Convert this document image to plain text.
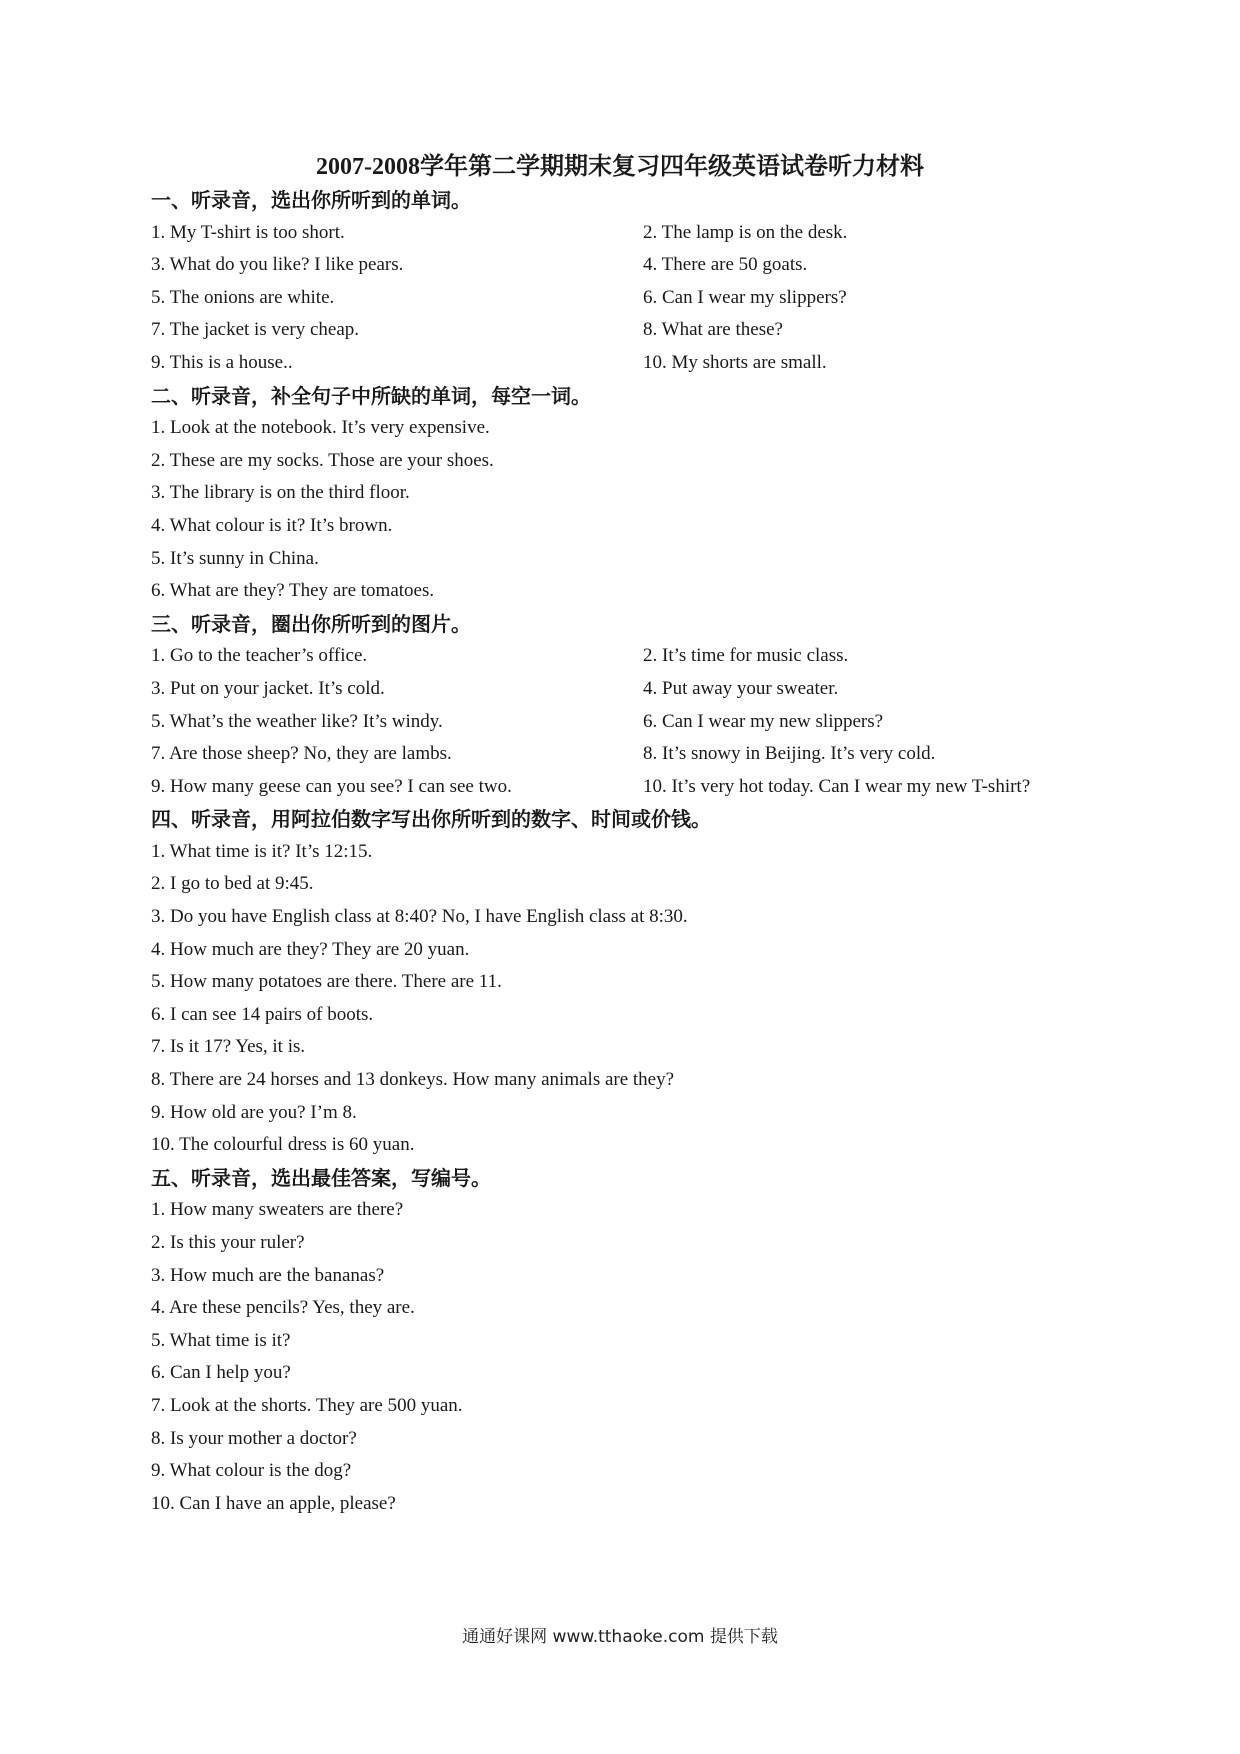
2007-2008学年第二学期期末复习四年级英语试卷听力材料
一、听录音，选出你所听到的单词。
1. My T-shirt is too short.	2. The lamp is on the desk.
3. What do you like? I like pears.	4. There are 50 goats.
5. The onions are white.	6. Can I wear my slippers?
7. The jacket is very cheap.	8. What are these?
9. This is a house..	10. My shorts are small.
二、听录音，补全句子中所缺的单词，每空一词。
1. Look at the notebook. It’s very expensive.
2. These are my socks. Those are your shoes.
3. The library is on the third floor.
4. What colour is it? It’s brown.
5. It’s sunny in China.
6. What are they? They are tomatoes.
三、听录音，圈出你所听到的图片。
1. Go to the teacher’s office.	2. It’s time for music class.
3. Put on your jacket. It’s cold.	4. Put away your sweater.
5. What’s the weather like? It’s windy.	6. Can I wear my new slippers?
7. Are those sheep? No, they are lambs.	8. It’s snowy in Beijing. It’s very cold.
9. How many geese can you see? I can see two.	10. It’s very hot today. Can I wear my new T-shirt?
四、听录音，用阿拉伯数字写出你所听到的数字、时间或价钱。
1. What time is it? It’s 12:15.
2. I go to bed at 9:45.
3. Do you have English class at 8:40? No, I have English class at 8:30.
4. How much are they? They are 20 yuan.
5. How many potatoes are there. There are 11.
6. I can see 14 pairs of boots.
7. Is it 17? Yes, it is.
8. There are 24 horses and 13 donkeys. How many animals are they?
9. How old are you? I’m 8.
10. The colourful dress is 60 yuan.
五、听录音，选出最佳答案，写编号。
1. How many sweaters are there?
2. Is this your ruler?
3. How much are the bananas?
4. Are these pencils? Yes, they are.
5. What time is it?
6. Can I help you?
7. Look at the shorts. They are 500 yuan.
8. Is your mother a doctor?
9. What colour is the dog?
10. Can I have an apple, please?
通通好课网 www.tthaoke.com 提供下载
